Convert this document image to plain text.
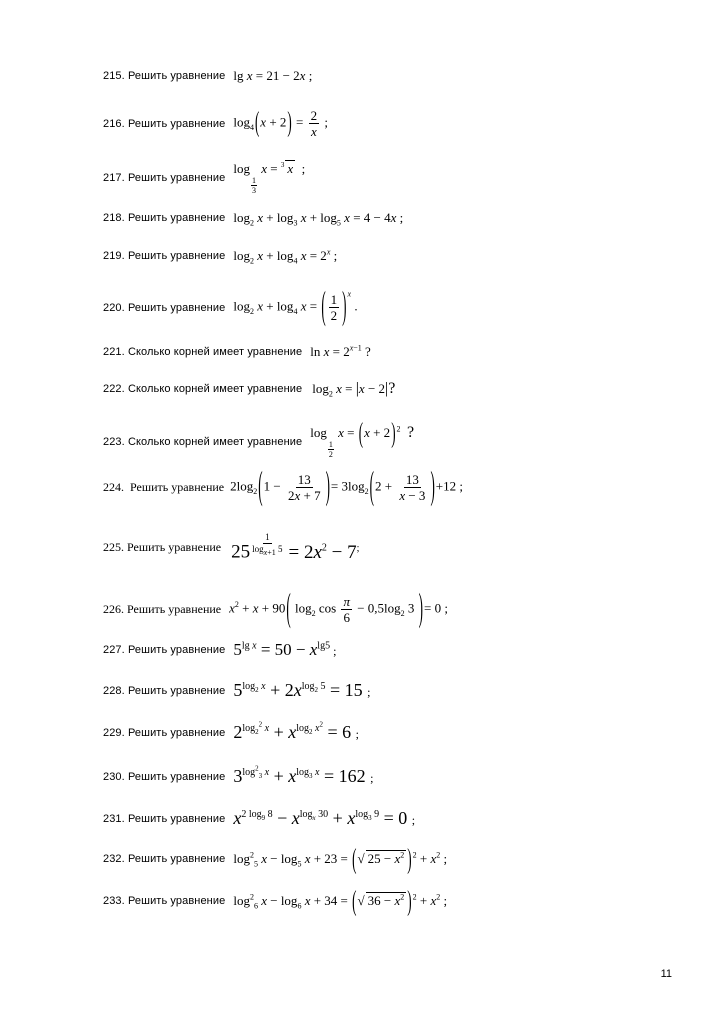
215. Решить уравнение lg x = 21 − 2x ;
216. Решить уравнение $\log_4(x + 2) = \frac{2}{x}$ ;
217. Решить уравнение
log
$\frac{1}{3}$
x = $^3$ x  ;
218. Решить уравнение $\log_2 x + \log_3 x + \log_5 x = 4 - 4x$ ;
219. Решить уравнение $\log_2 x + \log_4 x = 2^x$ ;
220. Решить уравнение $\log_2 x + \log_4 x$ = ( $\frac{1}{2} )^x$ .
221. Сколько корней имеет уравнение $\ln x = 2^{x-1}$ ?
222. Сколько корней имеет уравнение $\log_2 x = |x - 2|$?
223. Сколько корней имеет уравнение
log
$\frac{1}{2}$
$x = (x + 2)^2$ ?
224. Решить уравнение $2\log_2(1 - \frac{13}{2x + 7}$ )= $3\log_2(2 + \frac{13}{x - 3} )+12$ ;
225. Решить уравнение $25 \frac{1}{\log_{x+1} 5} = 2x^2 - 7^;$
226. Решить уравнение $x^2 + x + 90$( $\log_2 \cos \frac{\pi}{6} - 0,5\log_2$ 3 )= 0 ;
227. Решить уравнение $5^{lg x} = 50 - x^{lg5}$ ;
228. Решить уравнение $5^{log_2 x} + 2x^{log_2 5} = 15$ ;
229. Решить уравнение $2^{log_2^2 x} + x^{log_2 x^2} = 6$ ;
230. Решить уравнение $3^{log^2_3 x} + x^{log_3 x} = 162$ ;
231. Решить уравнение $x^{2 log_9 8} - x^{log_x 30} + x^{log_3 9} = 0$ ;
232. Решить уравнение $\log^2_5 x - \log_5 x + 23$ = (√ $25 - x^2$ )$^2 + x^2$ ;
233. Решить уравнение $\log^2_6 x - \log_6 x + 34$ = (√ $36 - x^2$ )$^2 + x^2$ ;
11
